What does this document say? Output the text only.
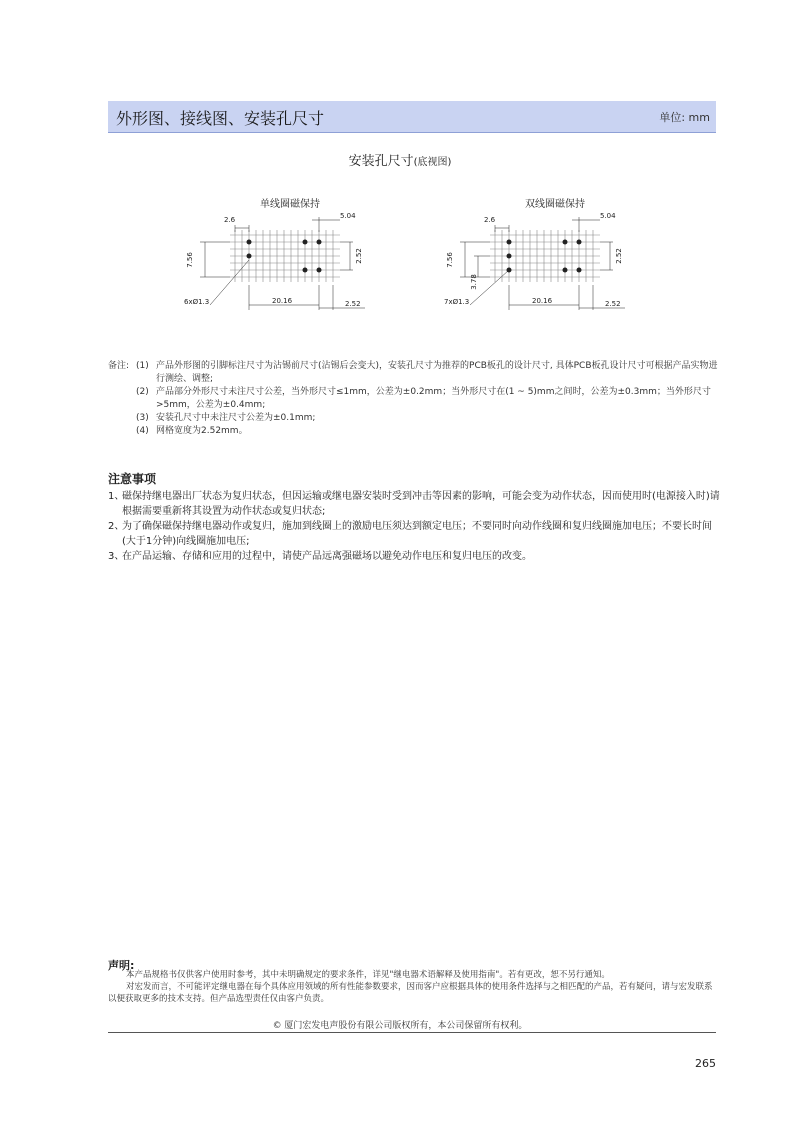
外形图、接线图、安装孔尺寸	单位: mm
安装孔尺寸(底视图)
单线圈磁保持	双线圈磁保持
2.6	5.04
7.56	2.52
20.16	2.52
6xØ1.3
2.6	5.04
7.56
3.78
2.52
20.16	2.52
7xØ1.3
备注: (1) 产品外形图的引脚标注尺寸为沾锡前尺寸(沾锡后会变大)，安装孔尺寸为推荐的PCB板孔的设计尺寸, 具体PCB板孔设计尺寸可根据产品实物进行测绘、调整;
(2) 产品部分外形尺寸未注尺寸公差，当外形尺寸≤1mm，公差为±0.2mm；当外形尺寸在(1 ~ 5)mm之间时，公差为±0.3mm；当外形尺寸>5mm，公差为±0.4mm;
(3) 安装孔尺寸中未注尺寸公差为±0.1mm;
(4) 网格宽度为2.52mm。
注意事项
1、
磁保持继电器出厂状态为复归状态，但因运输或继电器安装时受到冲击等因素的影响，可能会变为动作状态，因而使用时(电源接入时)请根据需要重新将其设置为动作状态或复归状态;
2、
为了确保磁保持继电器动作或复归，施加到线圈上的激励电压须达到额定电压；不要同时向动作线圈和复归线圈施加电压；不要长时间(大于1分钟)向线圈施加电压;
3、
在产品运输、存储和应用的过程中，请使产品远离强磁场以避免动作电压和复归电压的改变。
声明:

本产品规格书仅供客户使用时参考，其中未明确规定的要求条件，详见"继电器术语解释及使用指南"。若有更改，恕不另行通知。

对宏发而言，不可能评定继电器在每个具体应用领域的所有性能参数要求，因而客户应根据具体的使用条件选择与之相匹配的产品，若有疑问，请与宏发联系以便获取更多的技术支持。但产品选型责任仅由客户负责。

© 厦门宏发电声股份有限公司版权所有，本公司保留所有权利。
265
